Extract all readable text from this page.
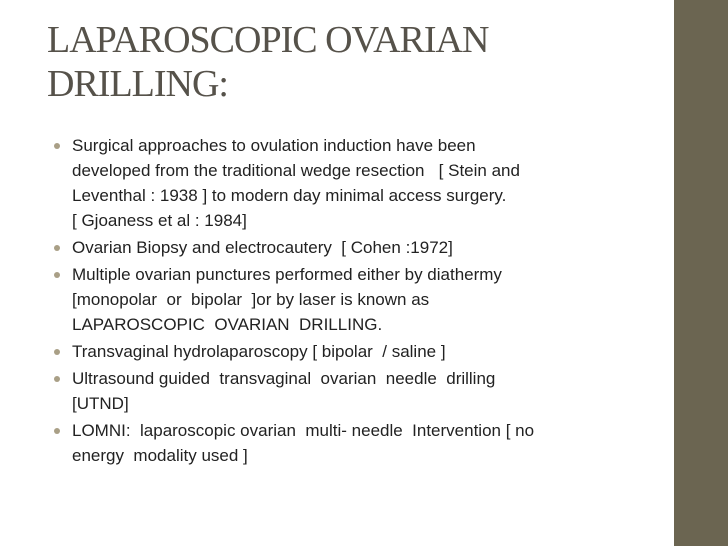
LAPAROSCOPIC OVARIAN
DRILLING:
Surgical approaches to ovulation induction have been
developed from the traditional wedge resection   [ Stein and
Leventhal : 1938 ] to modern day minimal access surgery.
[ Gjoaness et al : 1984]
Ovarian Biopsy and electrocautery  [ Cohen :1972]
Multiple ovarian punctures performed either by diathermy
[monopolar  or  bipolar  ]or by laser is known as
LAPAROSCOPIC  OVARIAN  DRILLING.
Transvaginal hydrolaparoscopy [ bipolar  / saline ]
Ultrasound guided  transvaginal  ovarian  needle  drilling
[UTND]
LOMNI:  laparoscopic ovarian  multi- needle  Intervention [ no
energy  modality used ]
